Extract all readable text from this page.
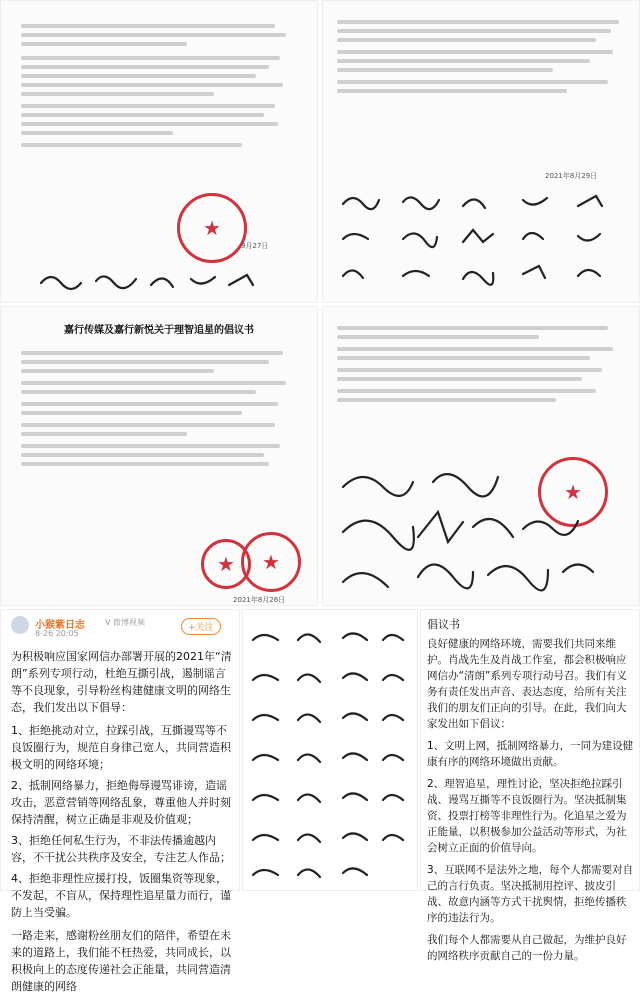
★
9月27日
2021年8月29日
嘉行传媒及嘉行新悦关于理智追星的倡议书
★
★
2021年8月26日
★
小猴紫日志	V 微博视频
8-26 20:05
+关注

为积极响应国家网信办部署开展的2021年“清朗”系列专项行动，杜绝互撕引战，遏制谣言等不良现象，引导粉丝构建健康文明的网络生态，我们发出以下倡导：

1、拒绝挑动对立，拉踩引战，互撕谩骂等不良饭圈行为，规范自身律己宽人，共同营造积极文明的网络环境；

2、抵制网络暴力，拒绝侮辱谩骂诽谤，造谣攻击，恶意营销等网络乱象，尊重他人并时刻保持清醒，树立正确是非观及价值观；

3、拒绝任何私生行为，不非法传播逾越内容，不干扰公共秩序及安全，专注艺人作品；

4、拒绝非理性应援打投，饭圈集资等现象，不发起，不盲从，保持理性追星量力而行，谨防上当受骗。

一路走来，感谢粉丝朋友们的陪伴，希望在未来的道路上，我们能不枉热爱，共同成长，以积极向上的态度传递社会正能量，共同营造清朗健康的网络

倡议书

良好健康的网络环境，需要我们共同来维护。肖战先生及肖战工作室，都会积极响应网信办“清朗”系列专项行动号召。我们有义务有责任发出声音、表达态度，给所有关注我们的朋友们正向的引导。在此，我们向大家发出如下倡议：

1、文明上网，抵制网络暴力，一同为建设健康有序的网络环境做出贡献。

2、理智追星，理性讨论，坚决拒绝拉踩引战、谩骂互撕等不良饭圈行为。坚决抵制集资、投票打榜等非理性行为。化追星之爱为正能量，以积极参加公益活动等形式，为社会树立正面的价值导向。

3、互联网不是法外之地，每个人都需要对自己的言行负责。坚决抵制用控评、披皮引战、故意内涵等方式干扰舆情，拒绝传播秩序的违法行为。

我们每个人都需要从自己做起，为维护良好的网络秩序贡献自己的一份力量。
